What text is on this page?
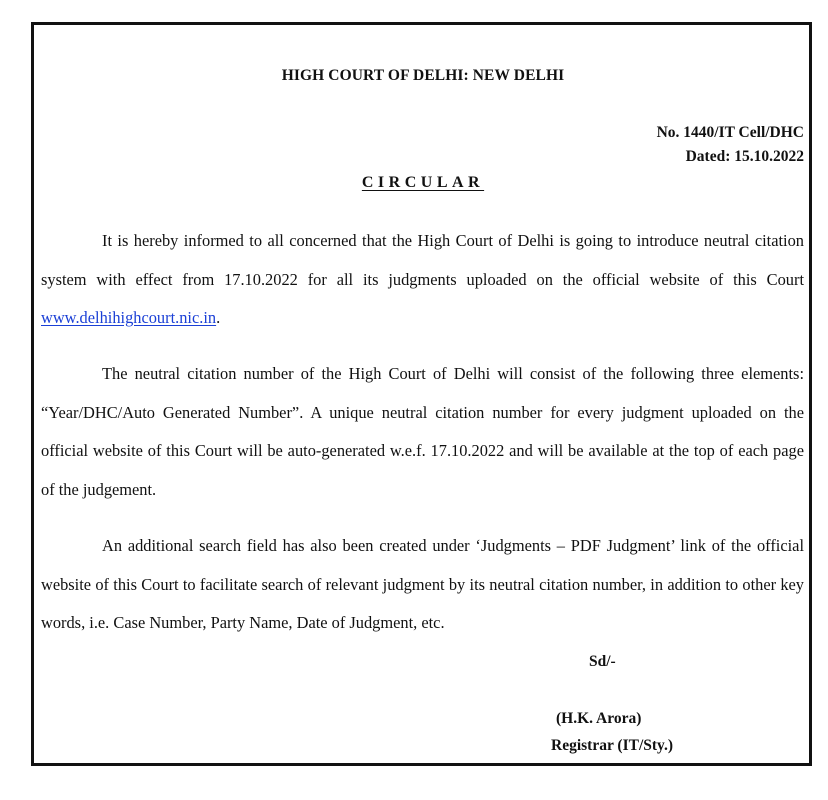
HIGH COURT OF DELHI: NEW DELHI
No. 1440/IT Cell/DHC
Dated: 15.10.2022
CIRCULAR

It is hereby informed to all concerned that the High Court of Delhi is going to introduce neutral citation system with effect from 17.10.2022 for all its judgments uploaded on the official website of this Court www.delhihighcourt.nic.in.

The neutral citation number of the High Court of Delhi will consist of the following three elements: “Year/DHC/Auto Generated Number”. A unique neutral citation number for every judgment uploaded on the official website of this Court will be auto-generated w.e.f. 17.10.2022 and will be available at the top of each page of the judgement.

An additional search field has also been created under ‘Judgments – PDF Judgment’ link of the official website of this Court to facilitate search of relevant judgment by its neutral citation number, in addition to other key words, i.e. Case Number, Party Name, Date of Judgment, etc.

Sd/-
(H.K. Arora)
Registrar (IT/Sty.)
